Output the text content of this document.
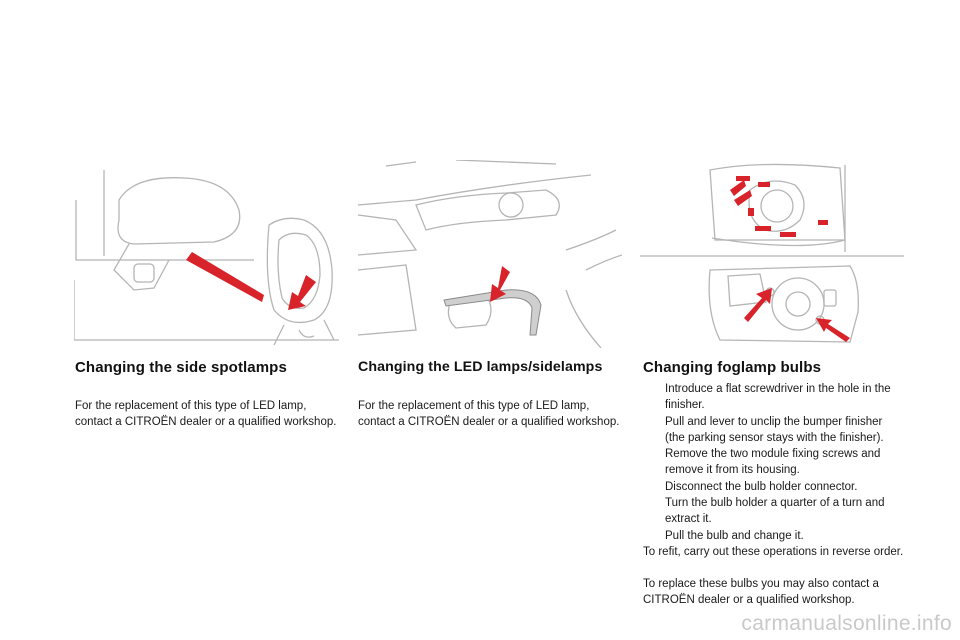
Changing the side spotlamps

For the replacement of this type of LED lamp, contact a CITROËN dealer or a qualified workshop.

Changing the LED lamps/sidelamps

For the replacement of this type of LED lamp, contact a CITROËN dealer or a qualified workshop.

Changing foglamp bulbs
Introduce a flat screwdriver in the hole in the finisher.
Pull and lever to unclip the bumper finisher (the parking sensor stays with the finisher).
Remove the two module fixing screws and remove it from its housing.
Disconnect the bulb holder connector.
Turn the bulb holder a quarter of a turn and extract it.
Pull the bulb and change it.

To refit, carry out these operations in reverse order.

To replace these bulbs you may also contact a CITROËN dealer or a qualified workshop.

carmanualsonline.info
